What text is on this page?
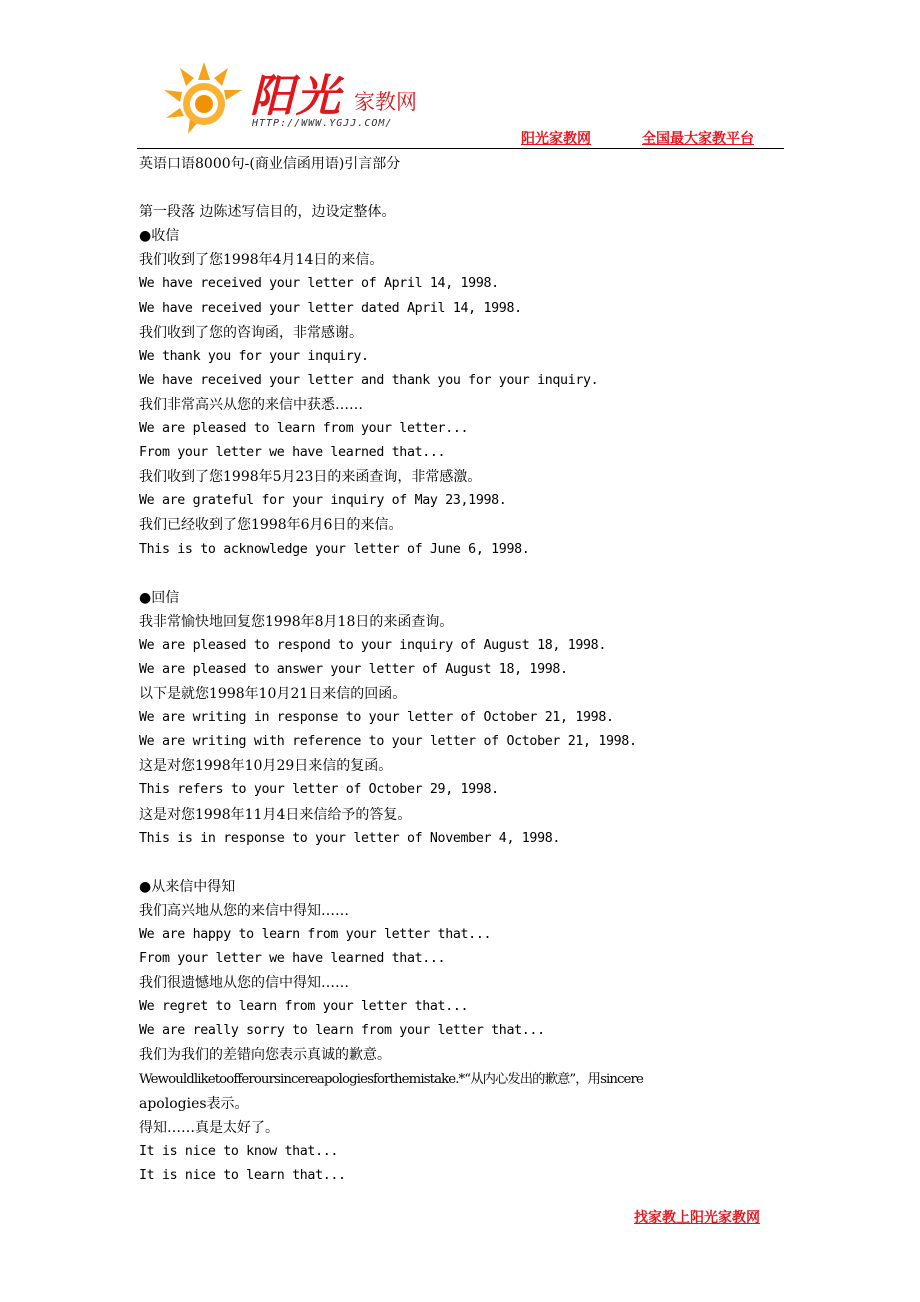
阳光 家教网
HTTP://WWW.YGJJ.COM/
阳光家教网	全国最大家教平台
英语口语8000句-(商业信函用语)引言部分
第一段落 边陈述写信目的，边设定整体。
●收信
我们收到了您1998年4月14日的来信。
We have received your letter of April 14, 1998.
We have received your letter dated April 14, 1998.
我们收到了您的咨询函，非常感谢。
We thank you for your inquiry.
We have received your letter and thank you for your inquiry.
我们非常高兴从您的来信中获悉……
We are pleased to learn from your letter...
From your letter we have learned that...
我们收到了您1998年5月23日的来函查询，非常感激。
We are grateful for your inquiry of May 23,1998.
我们已经收到了您1998年6月6日的来信。
This is to acknowledge your letter of June 6, 1998.
●回信
我非常愉快地回复您1998年8月18日的来函查询。
We are pleased to respond to your inquiry of August 18, 1998.
We are pleased to answer your letter of August 18, 1998.
以下是就您1998年10月21日来信的回函。
We are writing in response to your letter of October 21, 1998.
We are writing with reference to your letter of October 21, 1998.
这是对您1998年10月29日来信的复函。
This refers to your letter of October 29, 1998.
这是对您1998年11月4日来信给予的答复。
This is in response to your letter of November 4, 1998.
●从来信中得知
我们高兴地从您的来信中得知……
We are happy to learn from your letter that...
From your letter we have learned that...
我们很遗憾地从您的信中得知……
We regret to learn from your letter that...
We are really sorry to learn from your letter that...
我们为我们的差错向您表示真诚的歉意。
Wewouldliketoofferoursincereapologiesforthemistake.*“从内心发出的歉意”，用sincere
apologies表示。
得知……真是太好了。
It is nice to know that...
It is nice to learn that...
找家教上阳光家教网
